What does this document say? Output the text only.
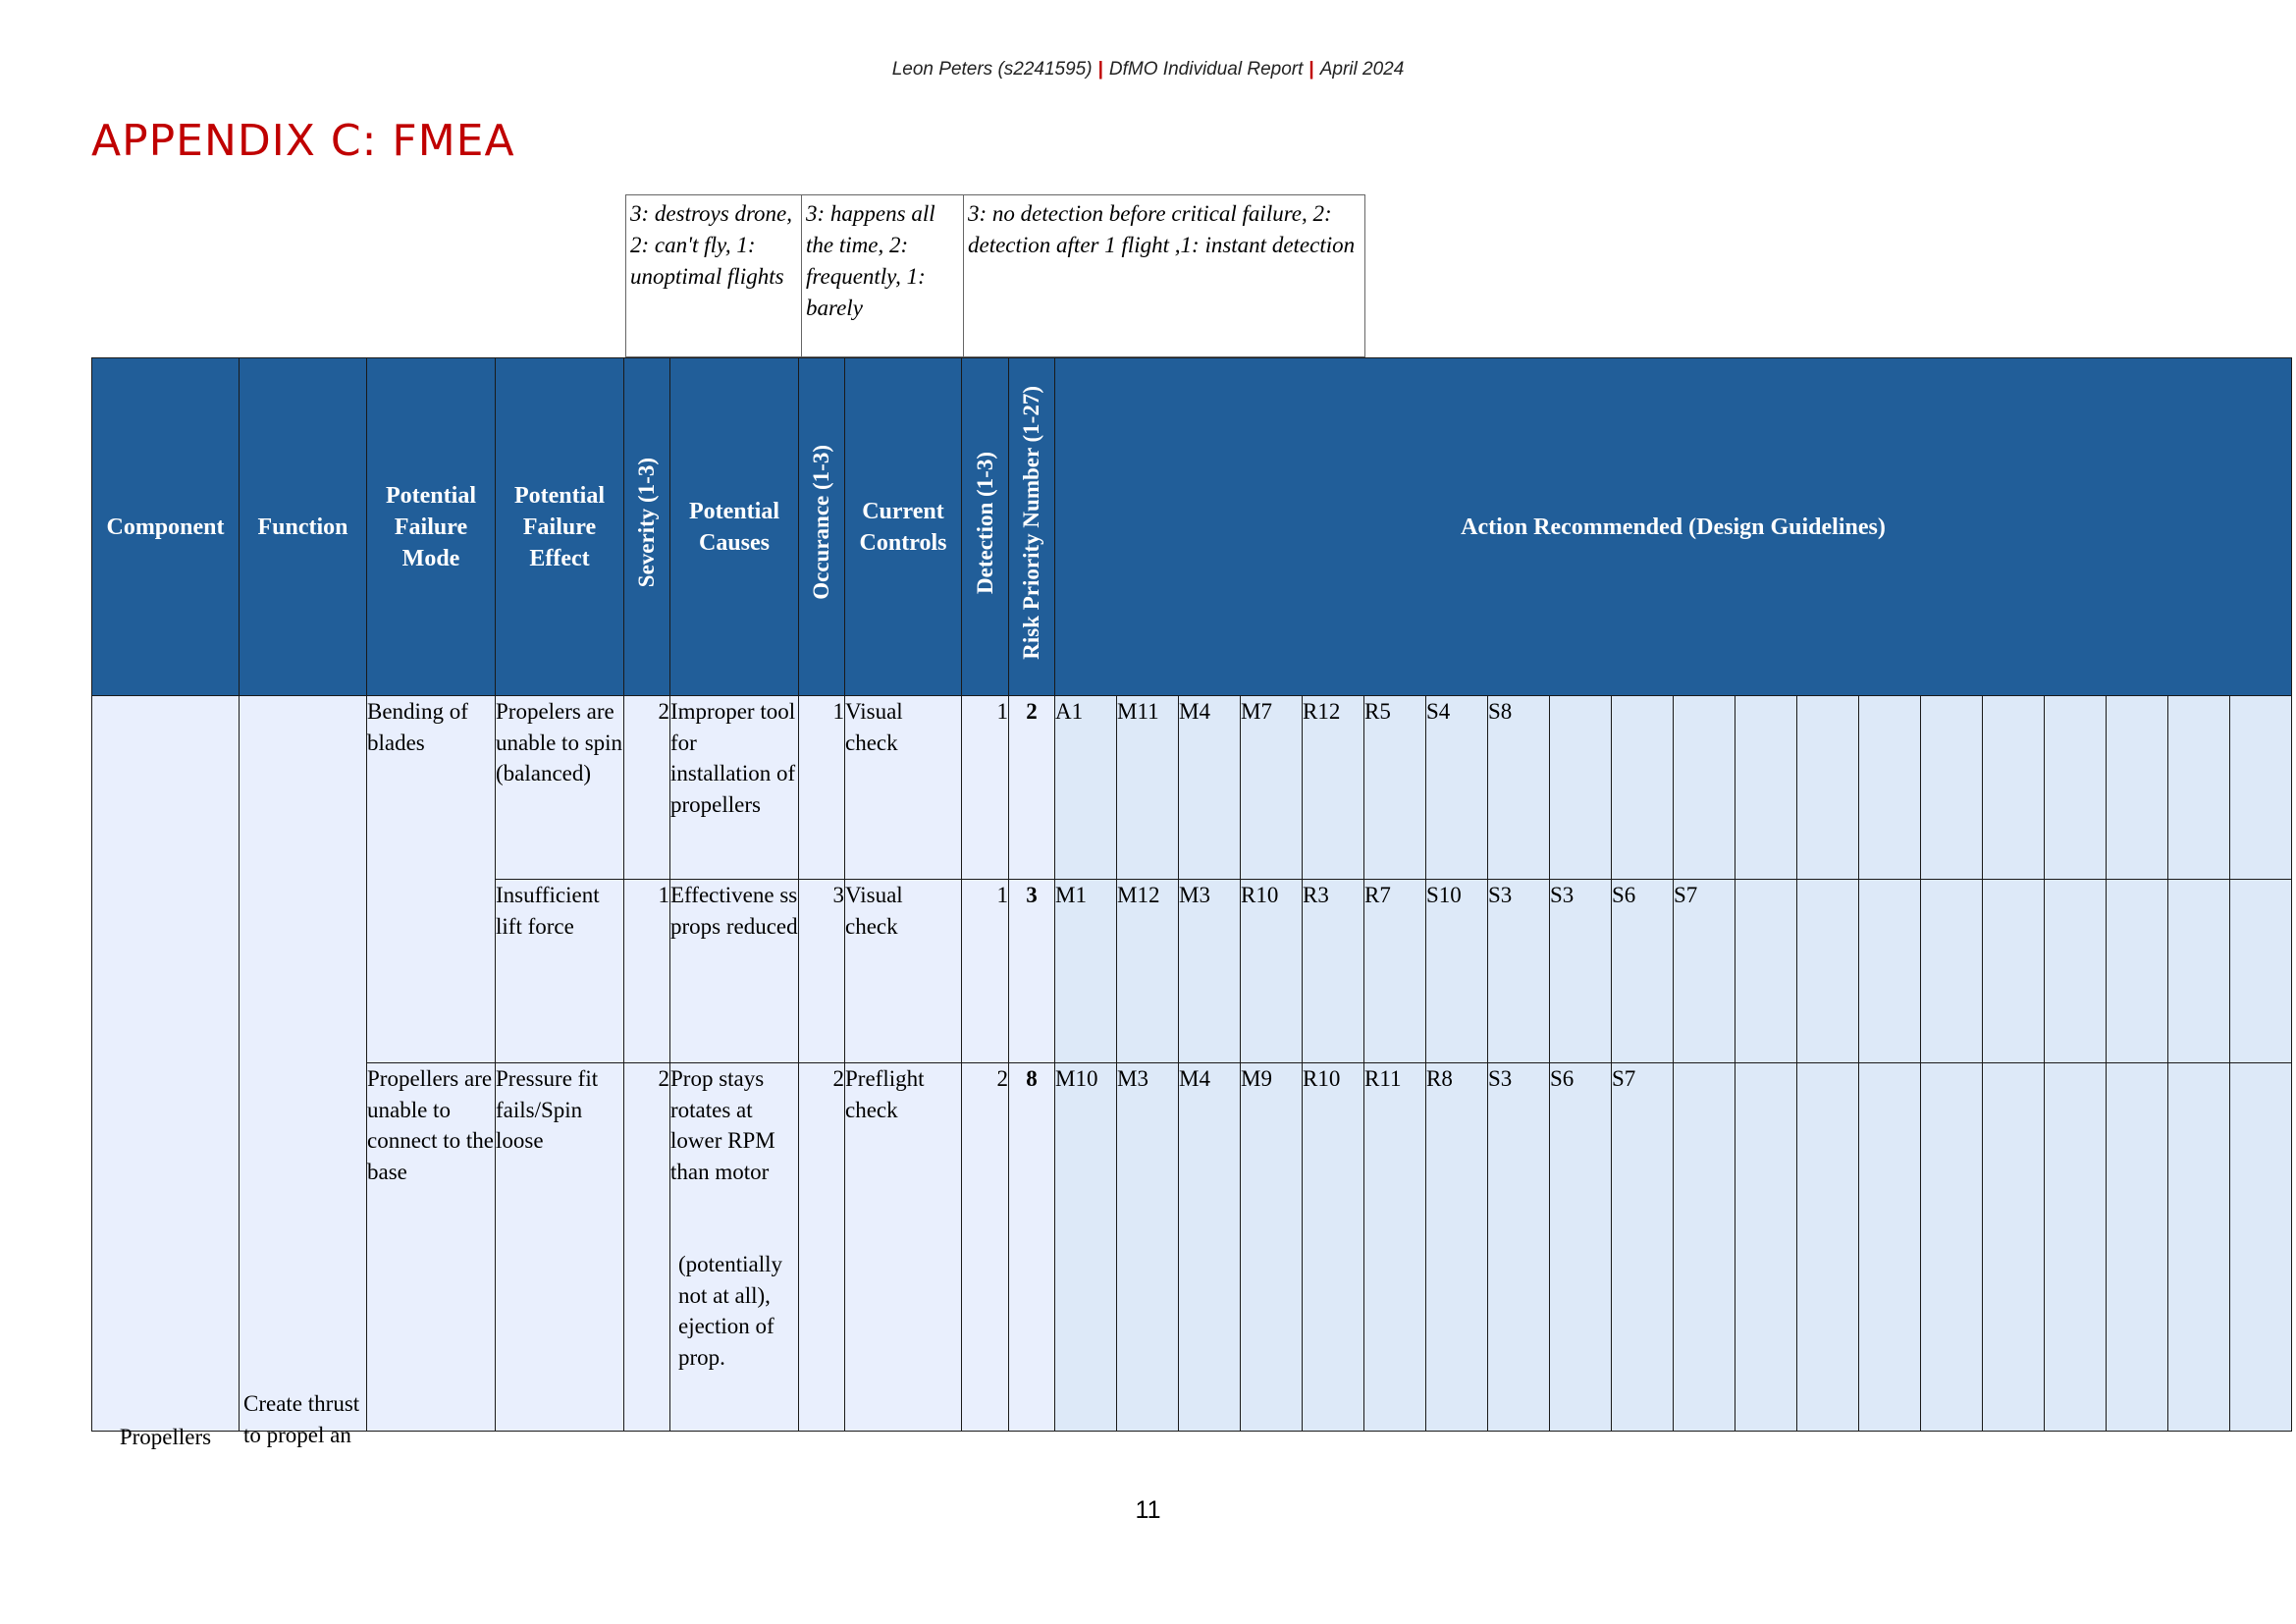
Leon Peters (s2241595) | DfMO Individual Report | April 2024
APPENDIX C: FMEA
3: destroys drone, 2: can't fly, 1: unoptimal flights
3: happens all the time, 2: frequently, 1: barely
3: no detection before critical failure, 2: detection after 1 flight ,1: instant detection
Component	Function	Potential Failure Mode	Potential Failure Effect	Severity (1-3)	Potential Causes	Occurance (1-3)	Current Controls	Detection (1-3)	Risk Priority Number (1-27)	Action Recommended (Design Guidelines)																			

Propellers	Create thrust to propel an	Bending of blades	Propelers are unable to spin (balanced)	2	Improper tool for installation of propellers	1	Visual check	1	2	A1	M11	M4	M7	R12	R5	S4	S8												
			Insufficient lift force	1	Effectivene ss props reduced	3	Visual check	1	3	M1	M12	M3	R10	R3	R7	S10	S3	S3	S6	S7									
		Propellers are unable to connect to the base	Pressure fit fails/Spin loose	2	Prop stays rotates at lower RPM than motor
(potentially not at all), ejection of prop.	2	Preflight check	2	8	M10	M3	M4	M9	R10	R11	R8	S3	S6	S7										
11
